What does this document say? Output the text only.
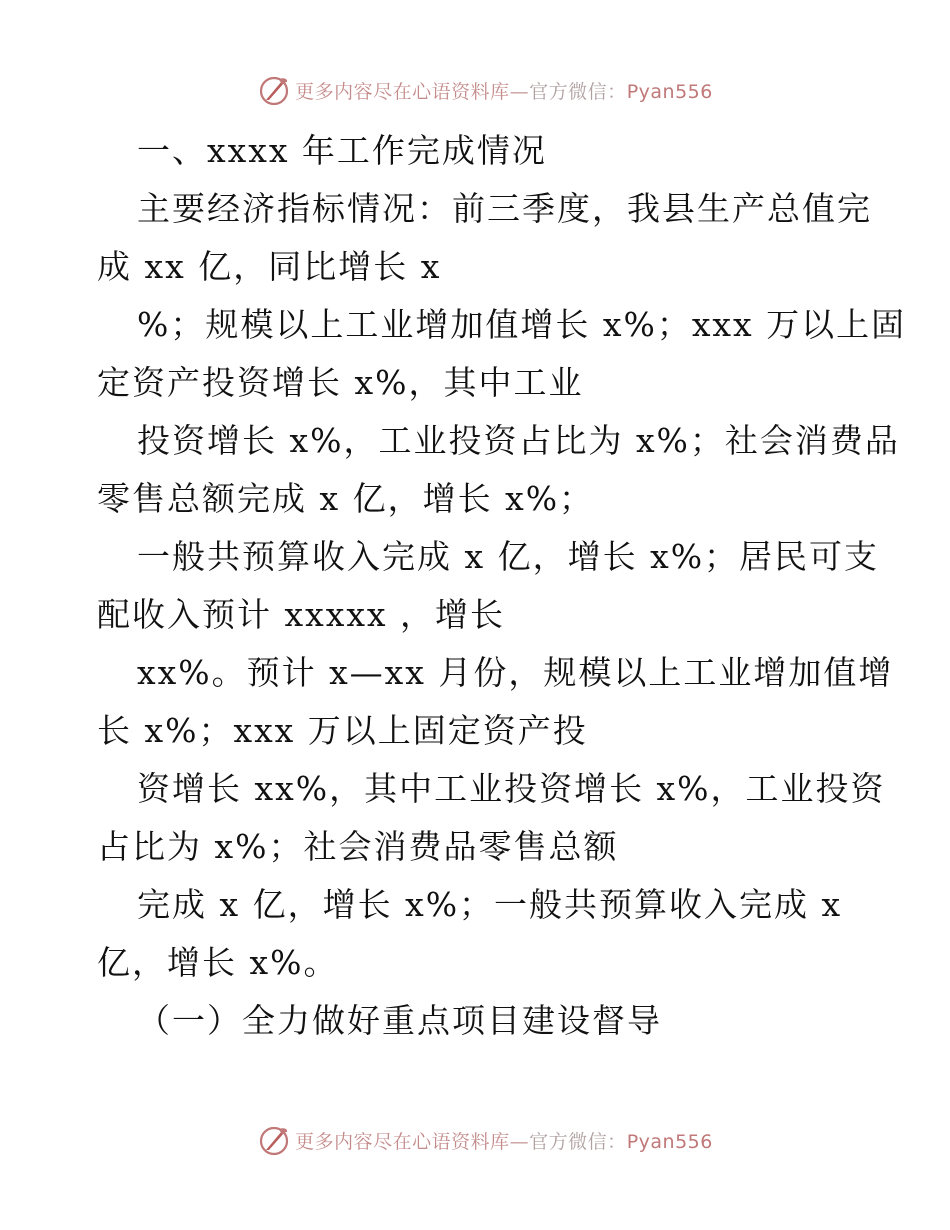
更多内容尽在心语资料库—官方微信：Pyan556

一、xxxx 年工作完成情况

主要经济指标情况：前三季度，我县生产总值完

成 xx 亿，同比增长 x

%；规模以上工业增加值增长 x%；xxx 万以上固

定资产投资增长 x%，其中工业

投资增长 x%，工业投资占比为 x%；社会消费品

零售总额完成 x 亿，增长 x%；

一般共预算收入完成 x 亿，增长 x%；居民可支

配收入预计 xxxxx ，增长

xx%。预计 x—xx 月份，规模以上工业增加值增

长 x%；xxx 万以上固定资产投

资增长 xx%，其中工业投资增长 x%，工业投资

占比为 x%；社会消费品零售总额

完成 x 亿，增长 x%；一般共预算收入完成 x

亿，增长 x%。

（一）全力做好重点项目建设督导

更多内容尽在心语资料库—官方微信：Pyan556
